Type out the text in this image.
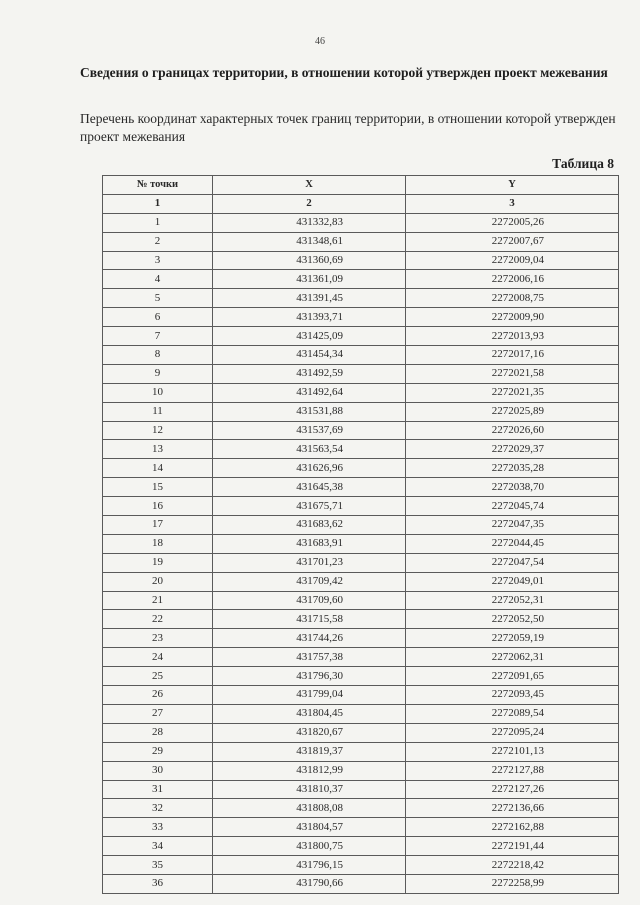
46
Сведения о границах территории, в отношении которой утвержден проект межевания
Перечень координат характерных точек границ территории, в отношении которой утвержден проект межевания
Таблица 8
№ точки	X	Y
1	2	3
1	431332,83	2272005,26
2	431348,61	2272007,67
3	431360,69	2272009,04
4	431361,09	2272006,16
5	431391,45	2272008,75
6	431393,71	2272009,90
7	431425,09	2272013,93
8	431454,34	2272017,16
9	431492,59	2272021,58
10	431492,64	2272021,35
11	431531,88	2272025,89
12	431537,69	2272026,60
13	431563,54	2272029,37
14	431626,96	2272035,28
15	431645,38	2272038,70
16	431675,71	2272045,74
17	431683,62	2272047,35
18	431683,91	2272044,45
19	431701,23	2272047,54
20	431709,42	2272049,01
21	431709,60	2272052,31
22	431715,58	2272052,50
23	431744,26	2272059,19
24	431757,38	2272062,31
25	431796,30	2272091,65
26	431799,04	2272093,45
27	431804,45	2272089,54
28	431820,67	2272095,24
29	431819,37	2272101,13
30	431812,99	2272127,88
31	431810,37	2272127,26
32	431808,08	2272136,66
33	431804,57	2272162,88
34	431800,75	2272191,44
35	431796,15	2272218,42
36	431790,66	2272258,99
